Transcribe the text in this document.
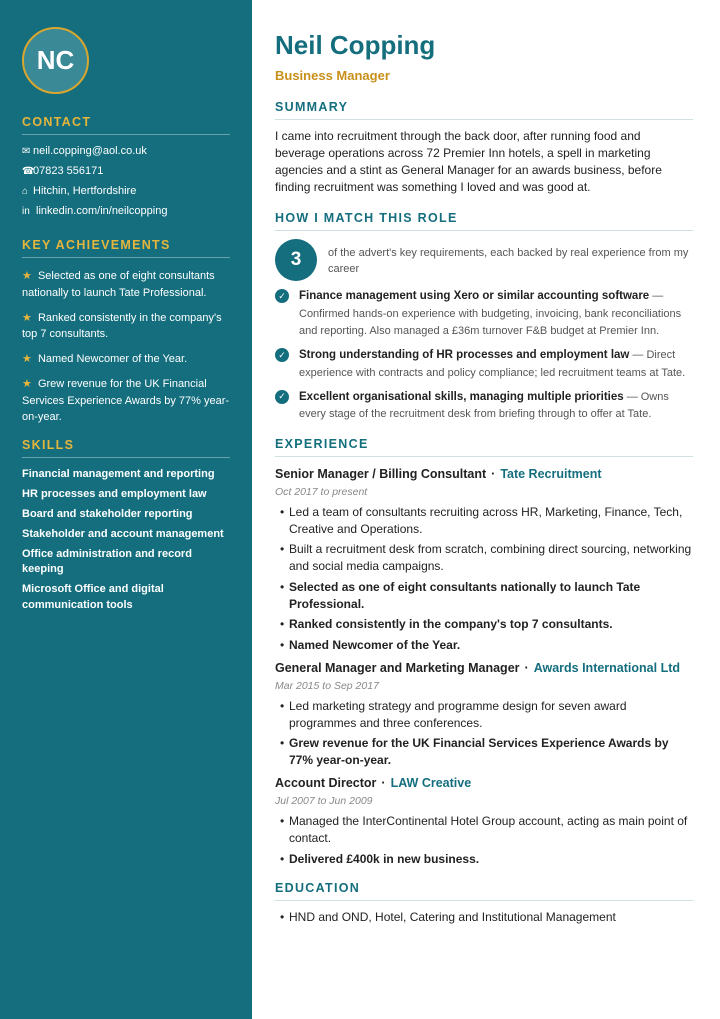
NC
CONTACT
✉ neil.copping@aol.co.uk
☎
07823 556171
⌂ Hitchin, Hertfordshire
in linkedin.com/in/neilcopping
KEY ACHIEVEMENTS
★ Selected as one of eight consultants nationally to launch Tate Professional.
★ Ranked consistently in the company's top 7 consultants.
★ Named Newcomer of the Year.
★ Grew revenue for the UK Financial Services Experience Awards by 77% year-on-year.
SKILLS
Financial management and reporting
HR processes and employment law
Board and stakeholder reporting
Stakeholder and account management
Office administration and record keeping
Microsoft Office and digital communication tools
Neil Copping
Business Manager
SUMMARY

I came into recruitment through the back door, after running food and beverage operations across 72 Premier Inn hotels, a spell in marketing agencies and a stint as General Manager for an awards business, before finding recruitment was something I loved and was good at.

HOW I MATCH THIS ROLE
3	of the advert's key requirements, each backed by real experience from my career
✓ Finance management using Xero or similar accounting software — Confirmed hands-on experience with budgeting, invoicing, bank reconciliations and reporting. Also managed a £36m turnover F&B budget at Premier Inn.
✓ Strong understanding of HR processes and employment law — Direct experience with contracts and policy compliance; led recruitment teams at Tate.
✓ Excellent organisational skills, managing multiple priorities — Owns every stage of the recruitment desk from briefing through to offer at Tate.
EXPERIENCE
Senior Manager / Billing Consultant · Tate Recruitment
Oct 2017 to present
• Led a team of consultants recruiting across HR, Marketing, Finance, Tech, Creative and Operations.
• Built a recruitment desk from scratch, combining direct sourcing, networking and social media campaigns.
• Selected as one of eight consultants nationally to launch Tate Professional.
• Ranked consistently in the company's top 7 consultants.
• Named Newcomer of the Year.
General Manager and Marketing Manager · Awards International Ltd
Mar 2015 to Sep 2017
• Led marketing strategy and programme design for seven award programmes and three conferences.
• Grew revenue for the UK Financial Services Experience Awards by 77% year-on-year.
Account Director · LAW Creative
Jul 2007 to Jun 2009
• Managed the InterContinental Hotel Group account, acting as main point of contact.
• Delivered £400k in new business.
EDUCATION
• HND and OND, Hotel, Catering and Institutional Management
